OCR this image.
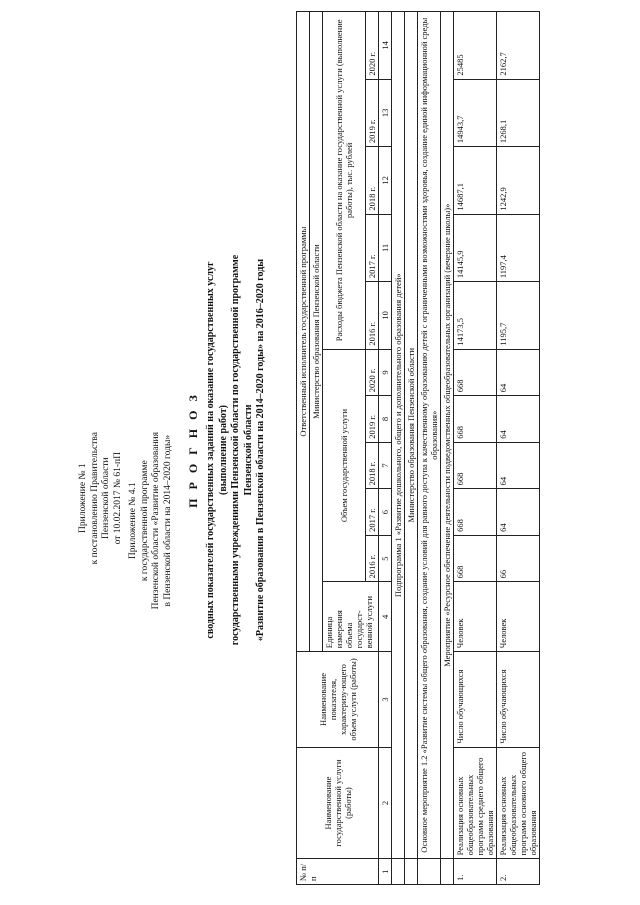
Приложение № 1 к постановлению Правительства Пензенской области от 10.02.2017 № 61-пП Приложение № 4.1 к государственной программе Пензенской области «Развитие образования в Пензенской области на 2014–2020 годы» П Р О Г Н О З сводных показателей государственных заданий на оказание государственных услуг (выполнение работ) государственными учреждениями Пензенской области по государственной программе Пензенской области «Развитие образования в Пензенской области на 2014–2020 годы» на 2016–2020 годы
№ п/п	Наименование государственной услуги (работы)	Наименование показателя, характеризу-ющего объем услуги (работы)	Ответственный исполнитель государственной программы										
			Министерство образования Пензенской области										
			Единица измерения объема государст-венной услуги	Объем государственной услуги					Расходы бюджета Пензенской области на оказание государственной услуги (выполнение работы), тыс. рублей				
				2016 г.	2017 г.	2018 г.	2019 г.	2020 г.	2016 г.	2017 г.	2018 г.	2019 г.	2020 г.
1	2	3	4	5	6	7	8	9	10	11	12	13	14
	Подпрограмма 1 «Развитие дошкольного, общего и дополнительного образования детей»												
	Министерство образования Пензенской области												
	Основное мероприятие 1.2 «Развитие системы общего образования, создание условий для равного доступа к качественному образованию детей с ограниченными возможностями здоровья, создание единой информационной среды образования»												
	Мероприятие «Ресурсное обеспечение деятельности подведомственных общеобразовательных организаций (вечерние школы)»												
1.	Реализация основных общеобразовательных программ среднего общего образования	Число обучающихся	Человек	668	668	668	668	668	14173,5	14145,9	14687,1	14943,7	25485
2.	Реализация основных общеобразовательных программ основного общего образования	Число обучающихся	Человек	66	64	64	64	64	1195,7	1197,4	1242,9	1268,1	2162,7
